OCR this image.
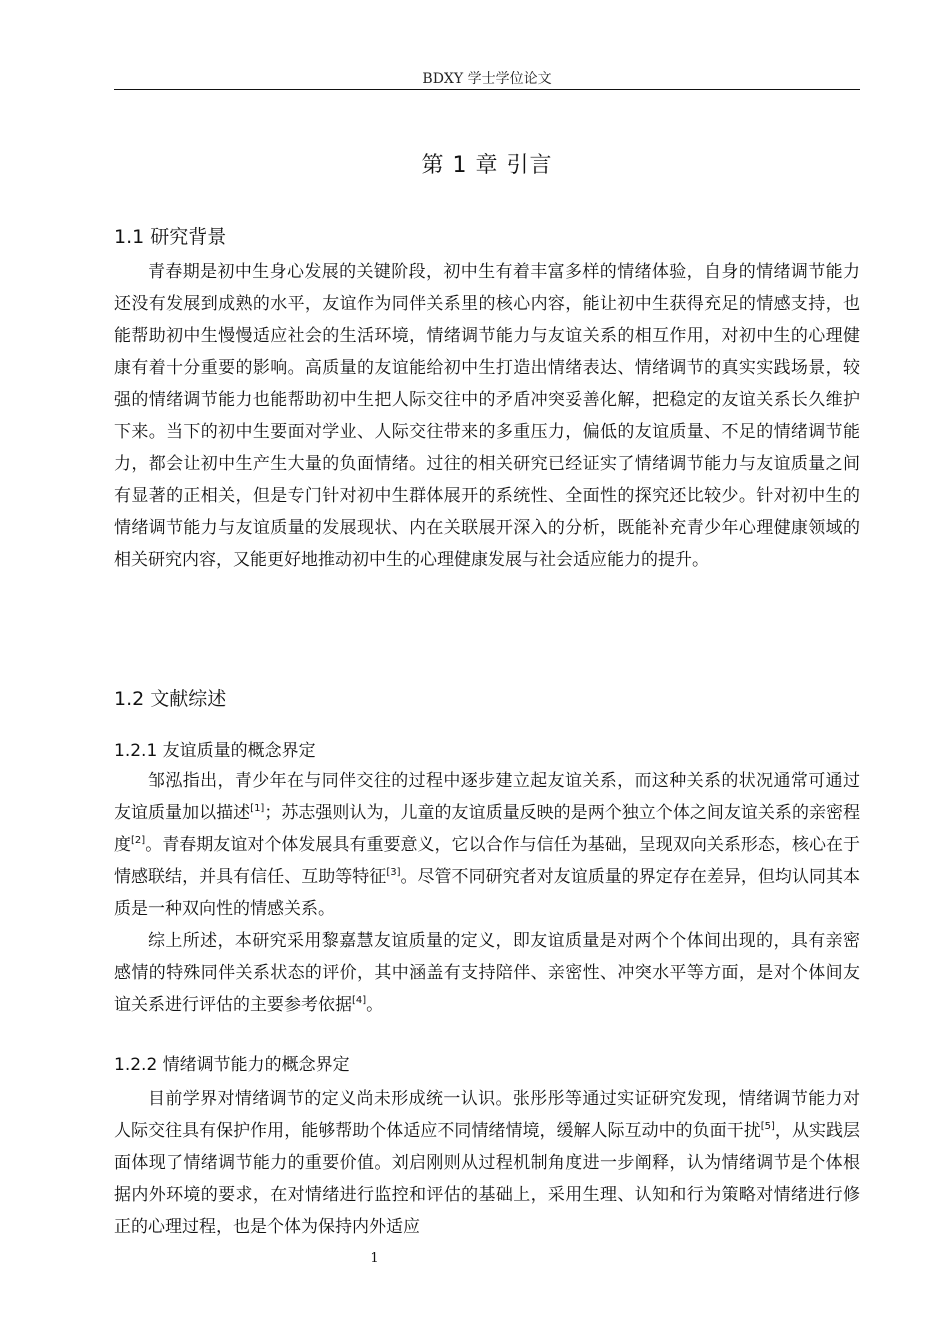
BDXY 学士学位论文
第 1 章 引言
1.1 研究背景

青春期是初中生身心发展的关键阶段，初中生有着丰富多样的情绪体验，自身的情绪调节能力还没有发展到成熟的水平，友谊作为同伴关系里的核心内容，能让初中生获得充足的情感支持，也能帮助初中生慢慢适应社会的生活环境，情绪调节能力与友谊关系的相互作用，对初中生的心理健康有着十分重要的影响。高质量的友谊能给初中生打造出情绪表达、情绪调节的真实实践场景，较强的情绪调节能力也能帮助初中生把人际交往中的矛盾冲突妥善化解，把稳定的友谊关系长久维护下来。当下的初中生要面对学业、人际交往带来的多重压力，偏低的友谊质量、不足的情绪调节能力，都会让初中生产生大量的负面情绪。过往的相关研究已经证实了情绪调节能力与友谊质量之间有显著的正相关，但是专门针对初中生群体展开的系统性、全面性的探究还比较少。针对初中生的情绪调节能力与友谊质量的发展现状、内在关联展开深入的分析，既能补充青少年心理健康领域的相关研究内容，又能更好地推动初中生的心理健康发展与社会适应能力的提升。

1.2 文献综述
1.2.1 友谊质量的概念界定

邹泓指出，青少年在与同伴交往的过程中逐步建立起友谊关系，而这种关系的状况通常可通过友谊质量加以描述[1]；苏志强则认为，儿童的友谊质量反映的是两个独立个体之间友谊关系的亲密程度[2]。青春期友谊对个体发展具有重要意义，它以合作与信任为基础，呈现双向关系形态，核心在于情感联结，并具有信任、互助等特征[3]。尽管不同研究者对友谊质量的界定存在差异，但均认同其本质是一种双向性的情感关系。

综上所述，本研究采用黎嘉慧友谊质量的定义，即友谊质量是对两个个体间出现的，具有亲密感情的特殊同伴关系状态的评价，其中涵盖有支持陪伴、亲密性、冲突水平等方面，是对个体间友谊关系进行评估的主要参考依据[4]。

1.2.2 情绪调节能力的概念界定

目前学界对情绪调节的定义尚未形成统一认识。张彤彤等通过实证研究发现，情绪调节能力对人际交往具有保护作用，能够帮助个体适应不同情绪情境，缓解人际互动中的负面干扰[5]，从实践层面体现了情绪调节能力的重要价值。刘启刚则从过程机制角度进一步阐释，认为情绪调节是个体根据内外环境的要求，在对情绪进行监控和评估的基础上，采用生理、认知和行为策略对情绪进行修正的心理过程，也是个体为保持内外适应

1
